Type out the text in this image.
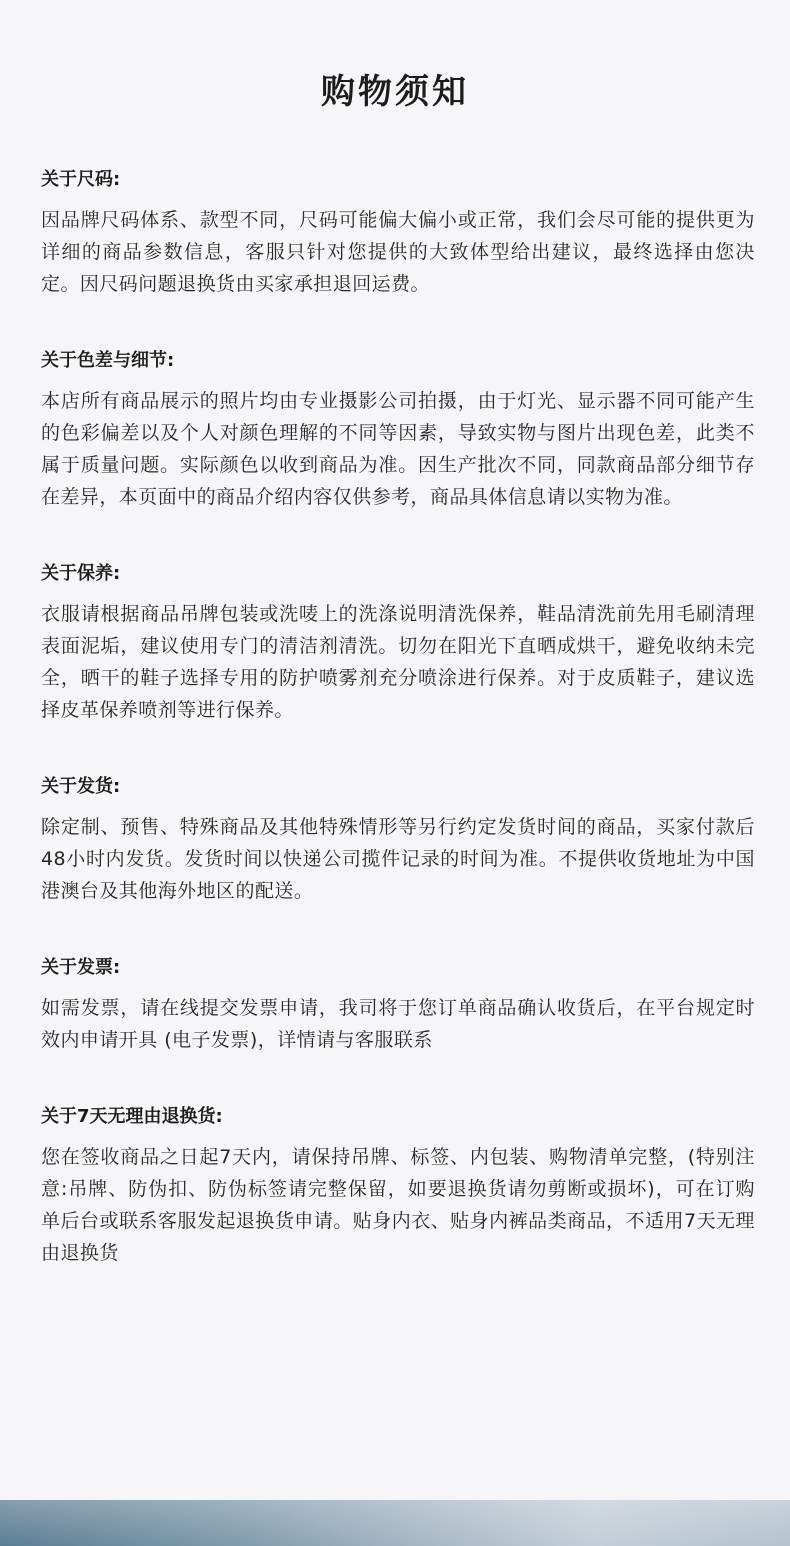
购物须知
关于尺码:
因品牌尺码体系、款型不同，尺码可能偏大偏小或正常，我们会尽可能的提供更为详细的商品参数信息，客服只针对您提供的大致体型给出建议，最终选择由您决定。因尺码问题退换货由买家承担退回运费。
关于色差与细节:
本店所有商品展示的照片均由专业摄影公司拍摄，由于灯光、显示器不同可能产生的色彩偏差以及个人对颜色理解的不同等因素，导致实物与图片出现色差，此类不属于质量问题。实际颜色以收到商品为准。因生产批次不同，同款商品部分细节存在差异，本页面中的商品介绍内容仅供参考，商品具体信息请以实物为准。
关于保养:
衣服请根据商品吊牌包装或洗唛上的洗涤说明清洗保养，鞋品清洗前先用毛刷清理表面泥垢，建议使用专门的清洁剂清洗。切勿在阳光下直晒成烘干，避免收纳未完全，晒干的鞋子选择专用的防护喷雾剂充分喷涂进行保养。对于皮质鞋子，建议选择皮革保养喷剂等进行保养。
关于发货:
除定制、预售、特殊商品及其他特殊情形等另行约定发货时间的商品，买家付款后48小时内发货。发货时间以快递公司揽件记录的时间为准。不提供收货地址为中国港澳台及其他海外地区的配送。
关于发票:
如需发票，请在线提交发票申请，我司将于您订单商品确认收货后，在平台规定时效内申请开具 (电子发票)，详情请与客服联系
关于7天无理由退换货:
您在签收商品之日起7天内，请保持吊牌、标签、内包装、购物清单完整，(特别注意:吊牌、防伪扣、防伪标签请完整保留，如要退换货请勿剪断或损坏)，可在订购单后台或联系客服发起退换货申请。贴身内衣、贴身内裤品类商品，不适用7天无理由退换货
